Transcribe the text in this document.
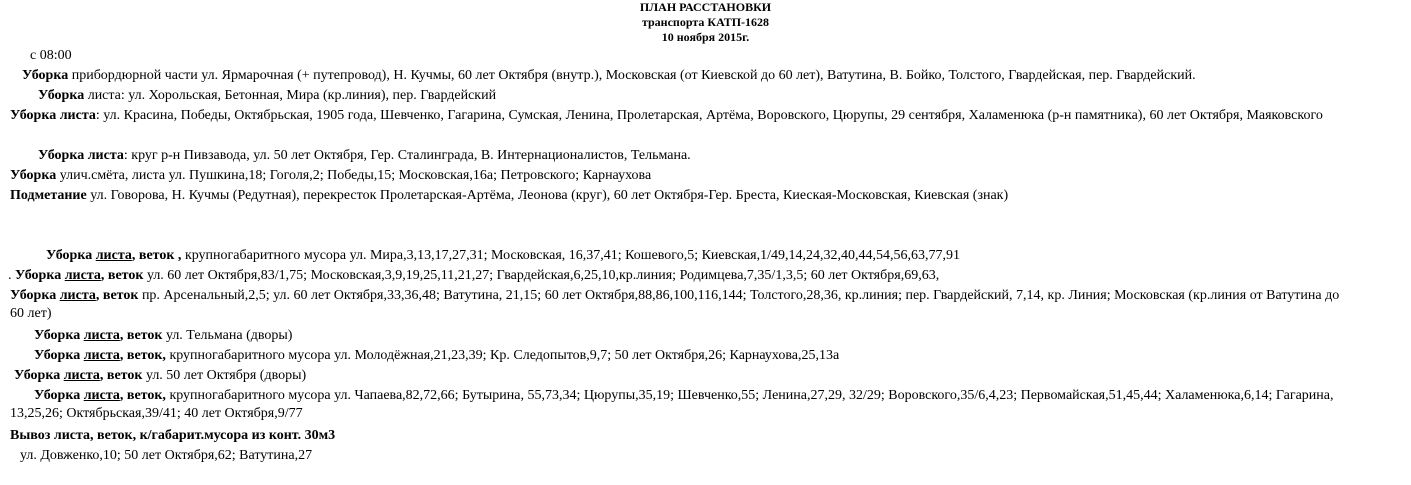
ПЛАН РАССТАНОВКИ
транспорта КАТП-1628
10 ноября 2015г.
с 08:00
Уборка прибордюрной части ул. Ярмарочная (+ путепровод), Н. Кучмы, 60 лет Октября (внутр.), Московская (от Киевской до 60 лет), Ватутина, В. Бойко, Толстого, Гвардейская, пер. Гвардейский.
Уборка листа: ул. Хорольская, Бетонная, Мира (кр.линия), пер. Гвардейский
Уборка листа: ул. Красина, Победы, Октябрьская, 1905 года, Шевченко, Гагарина, Сумская, Ленина, Пролетарская, Артёма, Воровского, Цюрупы, 29 сентября, Халаменюка (р-н памятника), 60 лет Октября, Маяковского
Уборка листа: круг р-н Пивзавода, ул. 50 лет Октября, Гер. Сталинграда, В. Интернационалистов, Тельмана.
Уборка улич.смёта, листа ул. Пушкина,18; Гоголя,2; Победы,15; Московская,16а; Петровского; Карнаухова
Подметание ул. Говорова, Н. Кучмы (Редутная), перекресток Пролетарская-Артёма, Леонова (круг), 60 лет Октября-Гер. Бреста, Киеская-Московская, Киевская (знак)
Уборка листа, веток , крупногабаритного мусора ул. Мира,3,13,17,27,31; Московская, 16,37,41; Кошевого,5; Киевская,1/49,14,24,32,40,44,54,56,63,77,91
. Уборка листа, веток ул. 60 лет Октября,83/1,75; Московская,3,9,19,25,11,21,27; Гвардейская,6,25,10,кр.линия; Родимцева,7,35/1,3,5; 60 лет Октября,69,63,
Уборка листа, веток пр. Арсенальный,2,5; ул. 60 лет Октября,33,36,48; Ватутина, 21,15; 60 лет Октября,88,86,100,116,144; Толстого,28,36, кр.линия; пер. Гвардейский, 7,14, кр. Линия; Московская (кр.линия от Ватутина до 60 лет)
Уборка листа, веток ул. Тельмана (дворы)
Уборка листа, веток, крупногабаритного мусора ул. Молодёжная,21,23,39; Кр. Следопытов,9,7; 50 лет Октября,26; Карнаухова,25,13а
Уборка листа, веток ул. 50 лет Октября (дворы)
Уборка листа, веток, крупногабаритного мусора ул. Чапаева,82,72,66; Бутырина, 55,73,34; Цюрупы,35,19; Шевченко,55; Ленина,27,29, 32/29; Воровского,35/6,4,23; Первомайская,51,45,44; Халаменюка,6,14; Гагарина, 13,25,26; Октябрьская,39/41; 40 лет Октября,9/77
Вывоз листа, веток, к/габарит.мусора из конт. 30м3
ул. Довженко,10; 50 лет Октября,62; Ватутина,27
